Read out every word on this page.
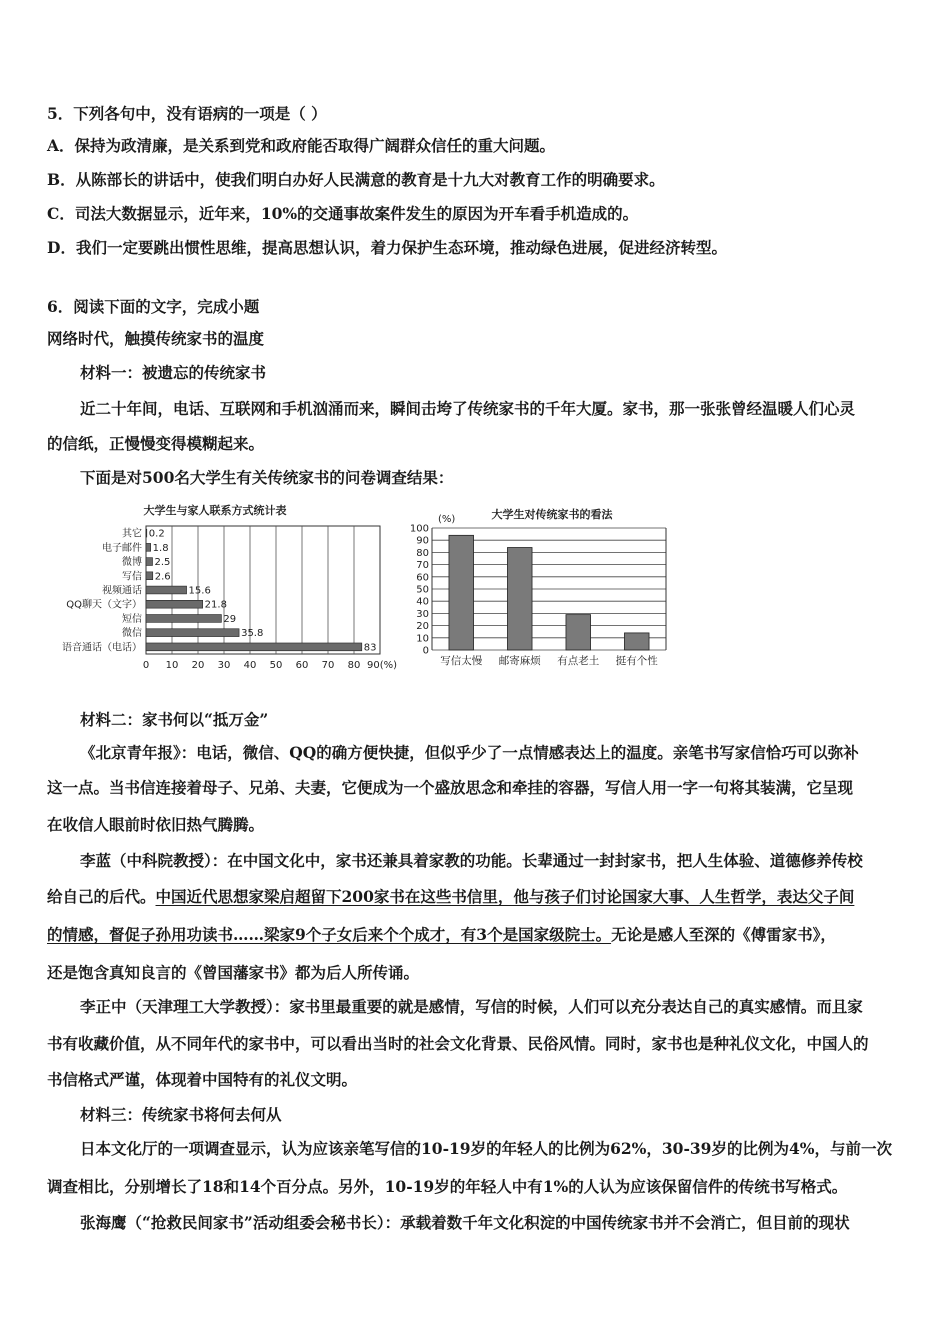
5．下列各句中，没有语病的一项是（ ）
A．保持为政清廉，是关系到党和政府能否取得广阔群众信任的重大问题。
B．从陈部长的讲话中，使我们明白办好人民满意的教育是十九大对教育工作的明确要求。
C．司法大数据显示，近年来，10%的交通事故案件发生的原因为开车看手机造成的。
D．我们一定要跳出惯性思维，提高思想认识，着力保护生态环境，推动绿色进展，促进经济转型。
6．阅读下面的文字，完成小题
网络时代，触摸传统家书的温度
材料一：被遗忘的传统家书
近二十年间，电话、互联网和手机汹涌而来，瞬间击垮了传统家书的千年大厦。家书，那一张张曾经温暖人们心灵
的信纸，正慢慢变得模糊起来。
下面是对500名大学生有关传统家书的问卷调查结果：
大学生与家人联系方式统计表
0 10 20 30 40 50 60 70 80 90(%)
语音通话（电话）	83
微信	35.8
短信	29
QQ聊天（文字）	21.8
视频通话	15.6
写信 2.6
微博 2.5
电子邮件 1.8
其它 0.2
大学生对传统家书的看法
(%)
0
10
20
30
40
50
60
70
80
90
100
写信太慢 邮寄麻烦 有点老土 挺有个性
材料二：家书何以“抵万金”
《北京青年报》：电话，微信、QQ的确方便快捷，但似乎少了一点情感表达上的温度。亲笔书写家信恰巧可以弥补
这一点。当书信连接着母子、兄弟、夫妻，它便成为一个盛放思念和牵挂的容器，写信人用一字一句将其装满，它呈现
在收信人眼前时依旧热气腾腾。
李蓝（中科院教授）：在中国文化中，家书还兼具着家教的功能。长辈通过一封封家书，把人生体验、道德修养传校
给自己的后代。中国近代思想家梁启超留下200家书在这些书信里，他与孩子们讨论国家大事、人生哲学，表达父子间
的情感，督促子孙用功读书……梁家9个子女后来个个成才，有3个是国家级院士。无论是感人至深的《傅雷家书》，
还是饱含真知良言的《曾国藩家书》都为后人所传诵。
李正中（天津理工大学教授）：家书里最重要的就是感情，写信的时候，人们可以充分表达自己的真实感情。而且家
书有收藏价值，从不同年代的家书中，可以看出当时的社会文化背景、民俗风情。同时，家书也是种礼仪文化，中国人的
书信格式严谨，体现着中国特有的礼仪文明。
材料三：传统家书将何去何从
日本文化厅的一项调查显示，认为应该亲笔写信的10-19岁的年轻人的比例为62%，30-39岁的比例为4%，与前一次
调查相比，分别增长了18和14个百分点。另外，10-19岁的年轻人中有1%的人认为应该保留信件的传统书写格式。
张海鹰（“抢救民间家书”活动组委会秘书长）：承载着数千年文化积淀的中国传统家书并不会消亡，但目前的现状
